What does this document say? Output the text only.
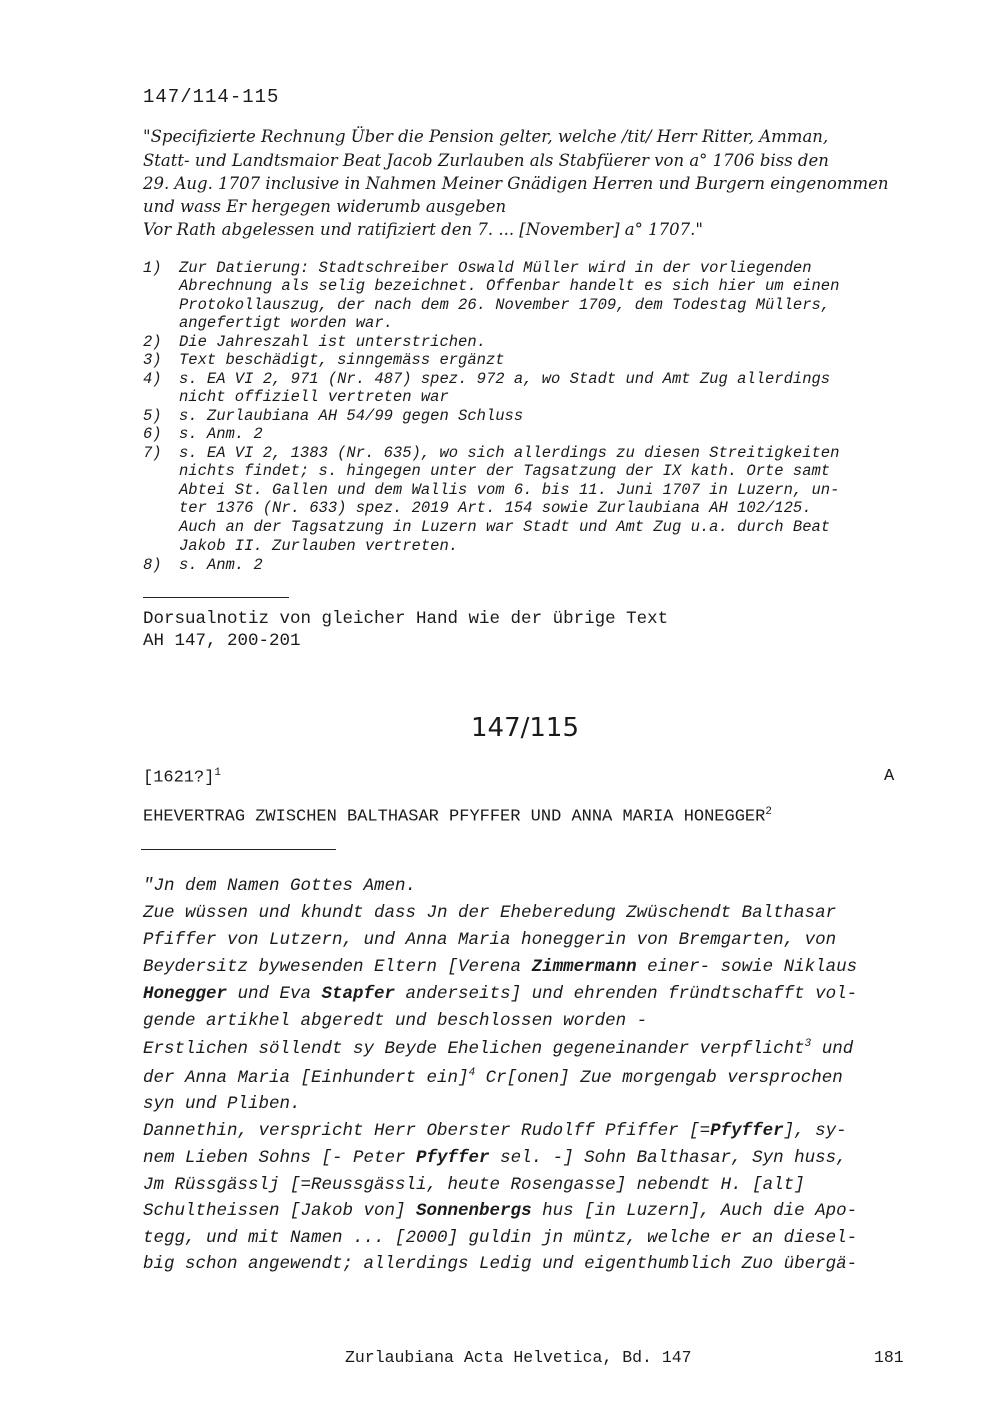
147/114-115
"Specifizierte Rechnung Über die Pension gelter, welche /tit/ Herr Ritter, Amman,
Statt- und Landtsmaior Beat Jacob Zurlauben als Stabfüerer von a° 1706 biss den
29. Aug. 1707 inclusive in Nahmen Meiner Gnädigen Herren und Burgern eingenommen
und wass Er hergegen widerumb ausgeben
Vor Rath abgelessen und ratifiziert den 7. ... [November] a° 1707."
1) Zur Datierung: Stadtschreiber Oswald Müller wird in der vorliegenden
Abrechnung als selig bezeichnet. Offenbar handelt es sich hier um einen
Protokollauszug, der nach dem 26. November 1709, dem Todestag Müllers,
angefertigt worden war.
2) Die Jahreszahl ist unterstrichen.
3) Text beschädigt, sinngemäss ergänzt
4) s. EA VI 2, 971 (Nr. 487) spez. 972 a, wo Stadt und Amt Zug allerdings
nicht offiziell vertreten war
5) s. Zurlaubiana AH 54/99 gegen Schluss
6) s. Anm. 2
7) s. EA VI 2, 1383 (Nr. 635), wo sich allerdings zu diesen Streitigkeiten
nichts findet; s. hingegen unter der Tagsatzung der IX kath. Orte samt
Abtei St. Gallen und dem Wallis vom 6. bis 11. Juni 1707 in Luzern, un-
ter 1376 (Nr. 633) spez. 2019 Art. 154 sowie Zurlaubiana AH 102/125.
Auch an der Tagsatzung in Luzern war Stadt und Amt Zug u.a. durch Beat
Jakob II. Zurlauben vertreten.
8) s. Anm. 2
Dorsualnotiz von gleicher Hand wie der übrige Text
AH 147, 200-201
147/115
[1621?]$^1$	A
EHEVERTRAG ZWISCHEN BALTHASAR PFYFFER UND ANNA MARIA HONEGGER$^2$
"Jn dem Namen Gottes Amen.
Zue wüssen und khundt dass Jn der Eheberedung Zwüschendt Balthasar
Pfiffer von Lutzern, und Anna Maria honeggerin von Bremgarten, von
Beydersitz bywesenden Eltern [Verena Zimmermann einer- sowie Niklaus
Honegger und Eva Stapfer anderseits] und ehrenden fründtschafft vol-
gende artikhel abgeredt und beschlossen worden -
Erstlichen söllendt sy Beyde Ehelichen gegeneinander verpflicht$^3$ und
der Anna Maria [Einhundert ein]$^4$ Cr[onen] Zue morgengab versprochen
syn und Pliben.
Dannethin, verspricht Herr Oberster Rudolff Pfiffer [=Pfyffer], sy-
nem Lieben Sohns [- Peter Pfyffer sel. -] Sohn Balthasar, Syn huss,
Jm Rüssgässlj [=Reussgässli, heute Rosengasse] nebendt H. [alt]
Schultheissen [Jakob von] Sonnenbergs hus [in Luzern], Auch die Apo-
tegg, und mit Namen ... [2000] guldin jn müntz, welche er an diesel-
big schon angewendt; allerdings Ledig und eigenthumblich Zuo übergä-
Zurlaubiana Acta Helvetica, Bd. 147	181
